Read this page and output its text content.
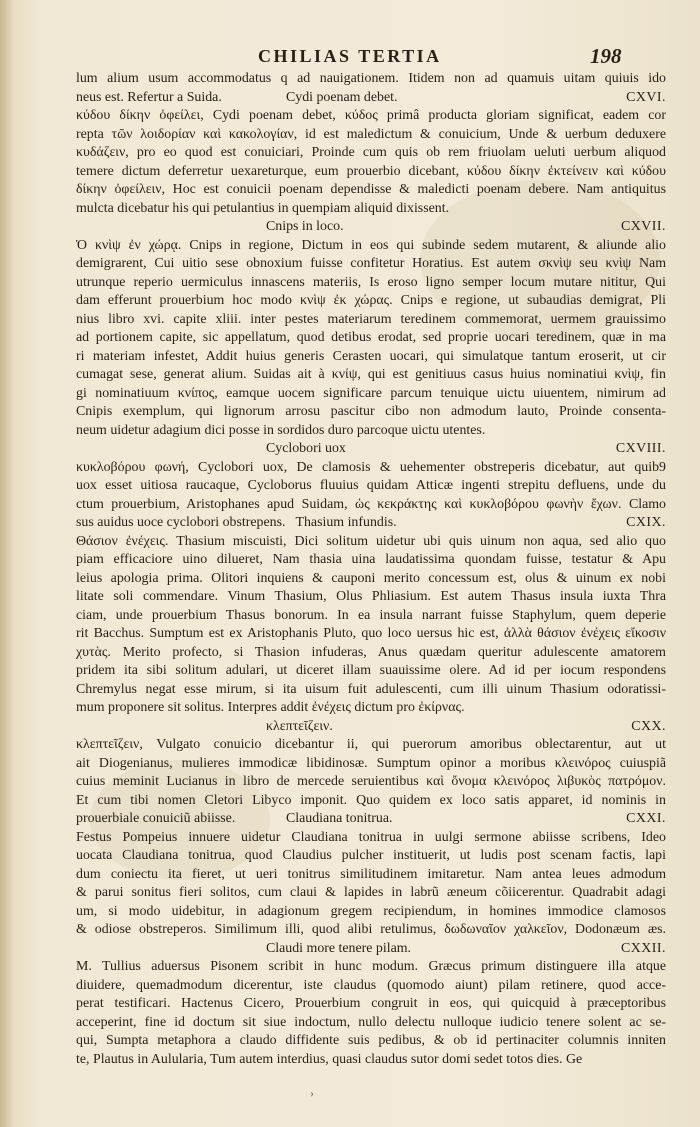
CHILIAS TERTIA	198
lum alium usum accommodatus q ad nauigationem. Itidem non ad quamuis uitam quiuis ido
neus est. Refertur a Suida.	Cydi poenam debet.	CXVI.
κύδου δίκην ὀφείλει, Cydi poenam debet, κύδος primâ producta gloriam significat, eadem cor
repta τῶν λοιδορίαν καὶ κακολογίαν, id est maledictum & conuicium, Unde & uerbum deduxere
κυδάζειν, pro eo quod est conuiciari, Proinde cum quis ob rem friuolam ueluti uerbum aliquod
temere dictum deferretur uexareturque, eum prouerbio dicebant, κύδου δίκην ἐκτείνειν καὶ κύδου
δίκην ὀφείλειν, Hoc est conuicii poenam dependisse & maledicti poenam debere. Nam antiquitus
mulcta dicebatur his qui petulantius in quempiam aliquid dixissent.
Cnips in loco.	CXVII.
Ὁ κνὶψ ἐν χώρᾳ. Cnips in regione, Dictum in eos qui subinde sedem mutarent, & aliunde alio
demigrarent, Cui uitio sese obnoxium fuisse confitetur Horatius. Est autem σκνὶψ seu κνὶψ Nam
utrunque reperio uermiculus innascens materiis, Is eroso ligno semper locum mutare nititur, Qui
dam efferunt prouerbium hoc modo κνὶψ ἐκ χώρας. Cnips e regione, ut subaudias demigrat, Pli
nius libro xvi. capite xliii. inter pestes materiarum teredinem commemorat, uermem grauissimo
ad portionem capite, sic appellatum, quod detibus erodat, sed proprie uocari teredinem, quæ in ma
ri materiam infestet, Addit huius generis Cerasten uocari, qui simulatque tantum eroserit, ut cir
cumagat sese, generat alium. Suidas ait à κνίψ, qui est genitiuus casus huius nominatiui κνὶψ, fin
gi nominatiuum κνίπος, eamque uocem significare parcum tenuique uictu uiuentem, nimirum ad
Cnipis exemplum, qui lignorum arrosu pascitur cibo non admodum lauto, Proinde consenta-
neum uidetur adagium dici posse in sordidos duro parcoque uictu utentes.
Cyclobori uox	CXVIII.
κυκλοβόρου φωνή, Cyclobori uox, De clamosis & uehementer obstreperis dicebatur, aut quib9
uox esset uitiosa raucaque, Cycloborus fluuius quidam Atticæ ingenti strepitu defluens, unde du
ctum prouerbium, Aristophanes apud Suidam, ὡς κεκράκτης καὶ κυκλοβόρου φωνὴν ἔχων. Clamo
sus auidus uoce cyclobori obstrepens. Thasium infundis.	CXIX.
Θάσιον ἐνέχεις. Thasium miscuisti, Dici solitum uidetur ubi quis uinum non aqua, sed alio quo
piam efficaciore uino dilueret, Nam thasia uina laudatissima quondam fuisse, testatur & Apu
leius apologia prima. Olitori inquiens & cauponi merito concessum est, olus & uinum ex nobi
litate soli commendare. Vinum Thasium, Olus Phliasium. Est autem Thasus insula iuxta Thra
ciam, unde prouerbium Thasus bonorum. In ea insula narrant fuisse Staphylum, quem deperie
rit Bacchus. Sumptum est ex Aristophanis Pluto, quo loco uersus hic est, ἀλλὰ θάσιον ἐνέχεις εἴκοσιν
χυτὰς. Merito profecto, si Thasion infuderas, Anus quædam queritur adulescente amatorem
pridem ita sibi solitum adulari, ut diceret illam suauissime olere. Ad id per iocum respondens
Chremylus negat esse mirum, si ita uisum fuit adulescenti, cum illi uinum Thasium odoratissi-
mum proponere sit solitus. Interpres addit ἐνέχεις dictum pro ἐκίρνας.
κλεπτεῖζειν.	CXX.
κλεπτεῖζειν, Vulgato conuicio dicebantur ii, qui puerorum amoribus oblectarentur, aut ut
ait Diogenianus, mulieres immodicæ libidinosæ. Sumptum opinor a moribus κλεινόρος cuiuspiã
cuius meminit Lucianus in libro de mercede seruientibus καὶ ὄνομα κλεινόρος λιβυκὸς πατρόμον.
Et cum tibi nomen Cletori Libyco imponit. Quo quidem ex loco satis apparet, id nominis in
prouerbiale conuiciũ abiisse.	Claudiana tonitrua.	CXXI.
Festus Pompeius innuere uidetur Claudiana tonitrua in uulgi sermone abiisse scribens, Ideo
uocata Claudiana tonitrua, quod Claudius pulcher instituerit, ut ludis post scenam factis, lapi
dum coniectu ita fieret, ut ueri tonitrus similitudinem imitaretur. Nam antea leues admodum
& parui sonitus fieri solitos, cum claui & lapides in labrũ æneum cõiicerentur. Quadrabit adagi
um, si modo uidebitur, in adagionum gregem recipiendum, in homines immodice clamosos
& odiose obstreperos. Similimum illi, quod alibi retulimus, δωδωναῖον χαλκεῖον, Dodonæum æs.
Claudi more tenere pilam.	CXXII.
M. Tullius aduersus Pisonem scribit in hunc modum. Græcus primum distinguere illa atque
diuidere, quemadmodum dicerentur, iste claudus (quomodo aiunt) pilam retinere, quod acce-
perat testificari. Hactenus Cicero, Prouerbium congruit in eos, qui quicquid à præceptoribus
acceperint, fine id doctum sit siue indoctum, nullo delectu nulloque iudicio tenere solent ac se-
qui, Sumpta metaphora a claudo diffidente suis pedibus, & ob id pertinaciter columnis inniten
te, Plautus in Aulularia, Tum autem interdius, quasi claudus sutor domi sedet totos dies. Ge
›
